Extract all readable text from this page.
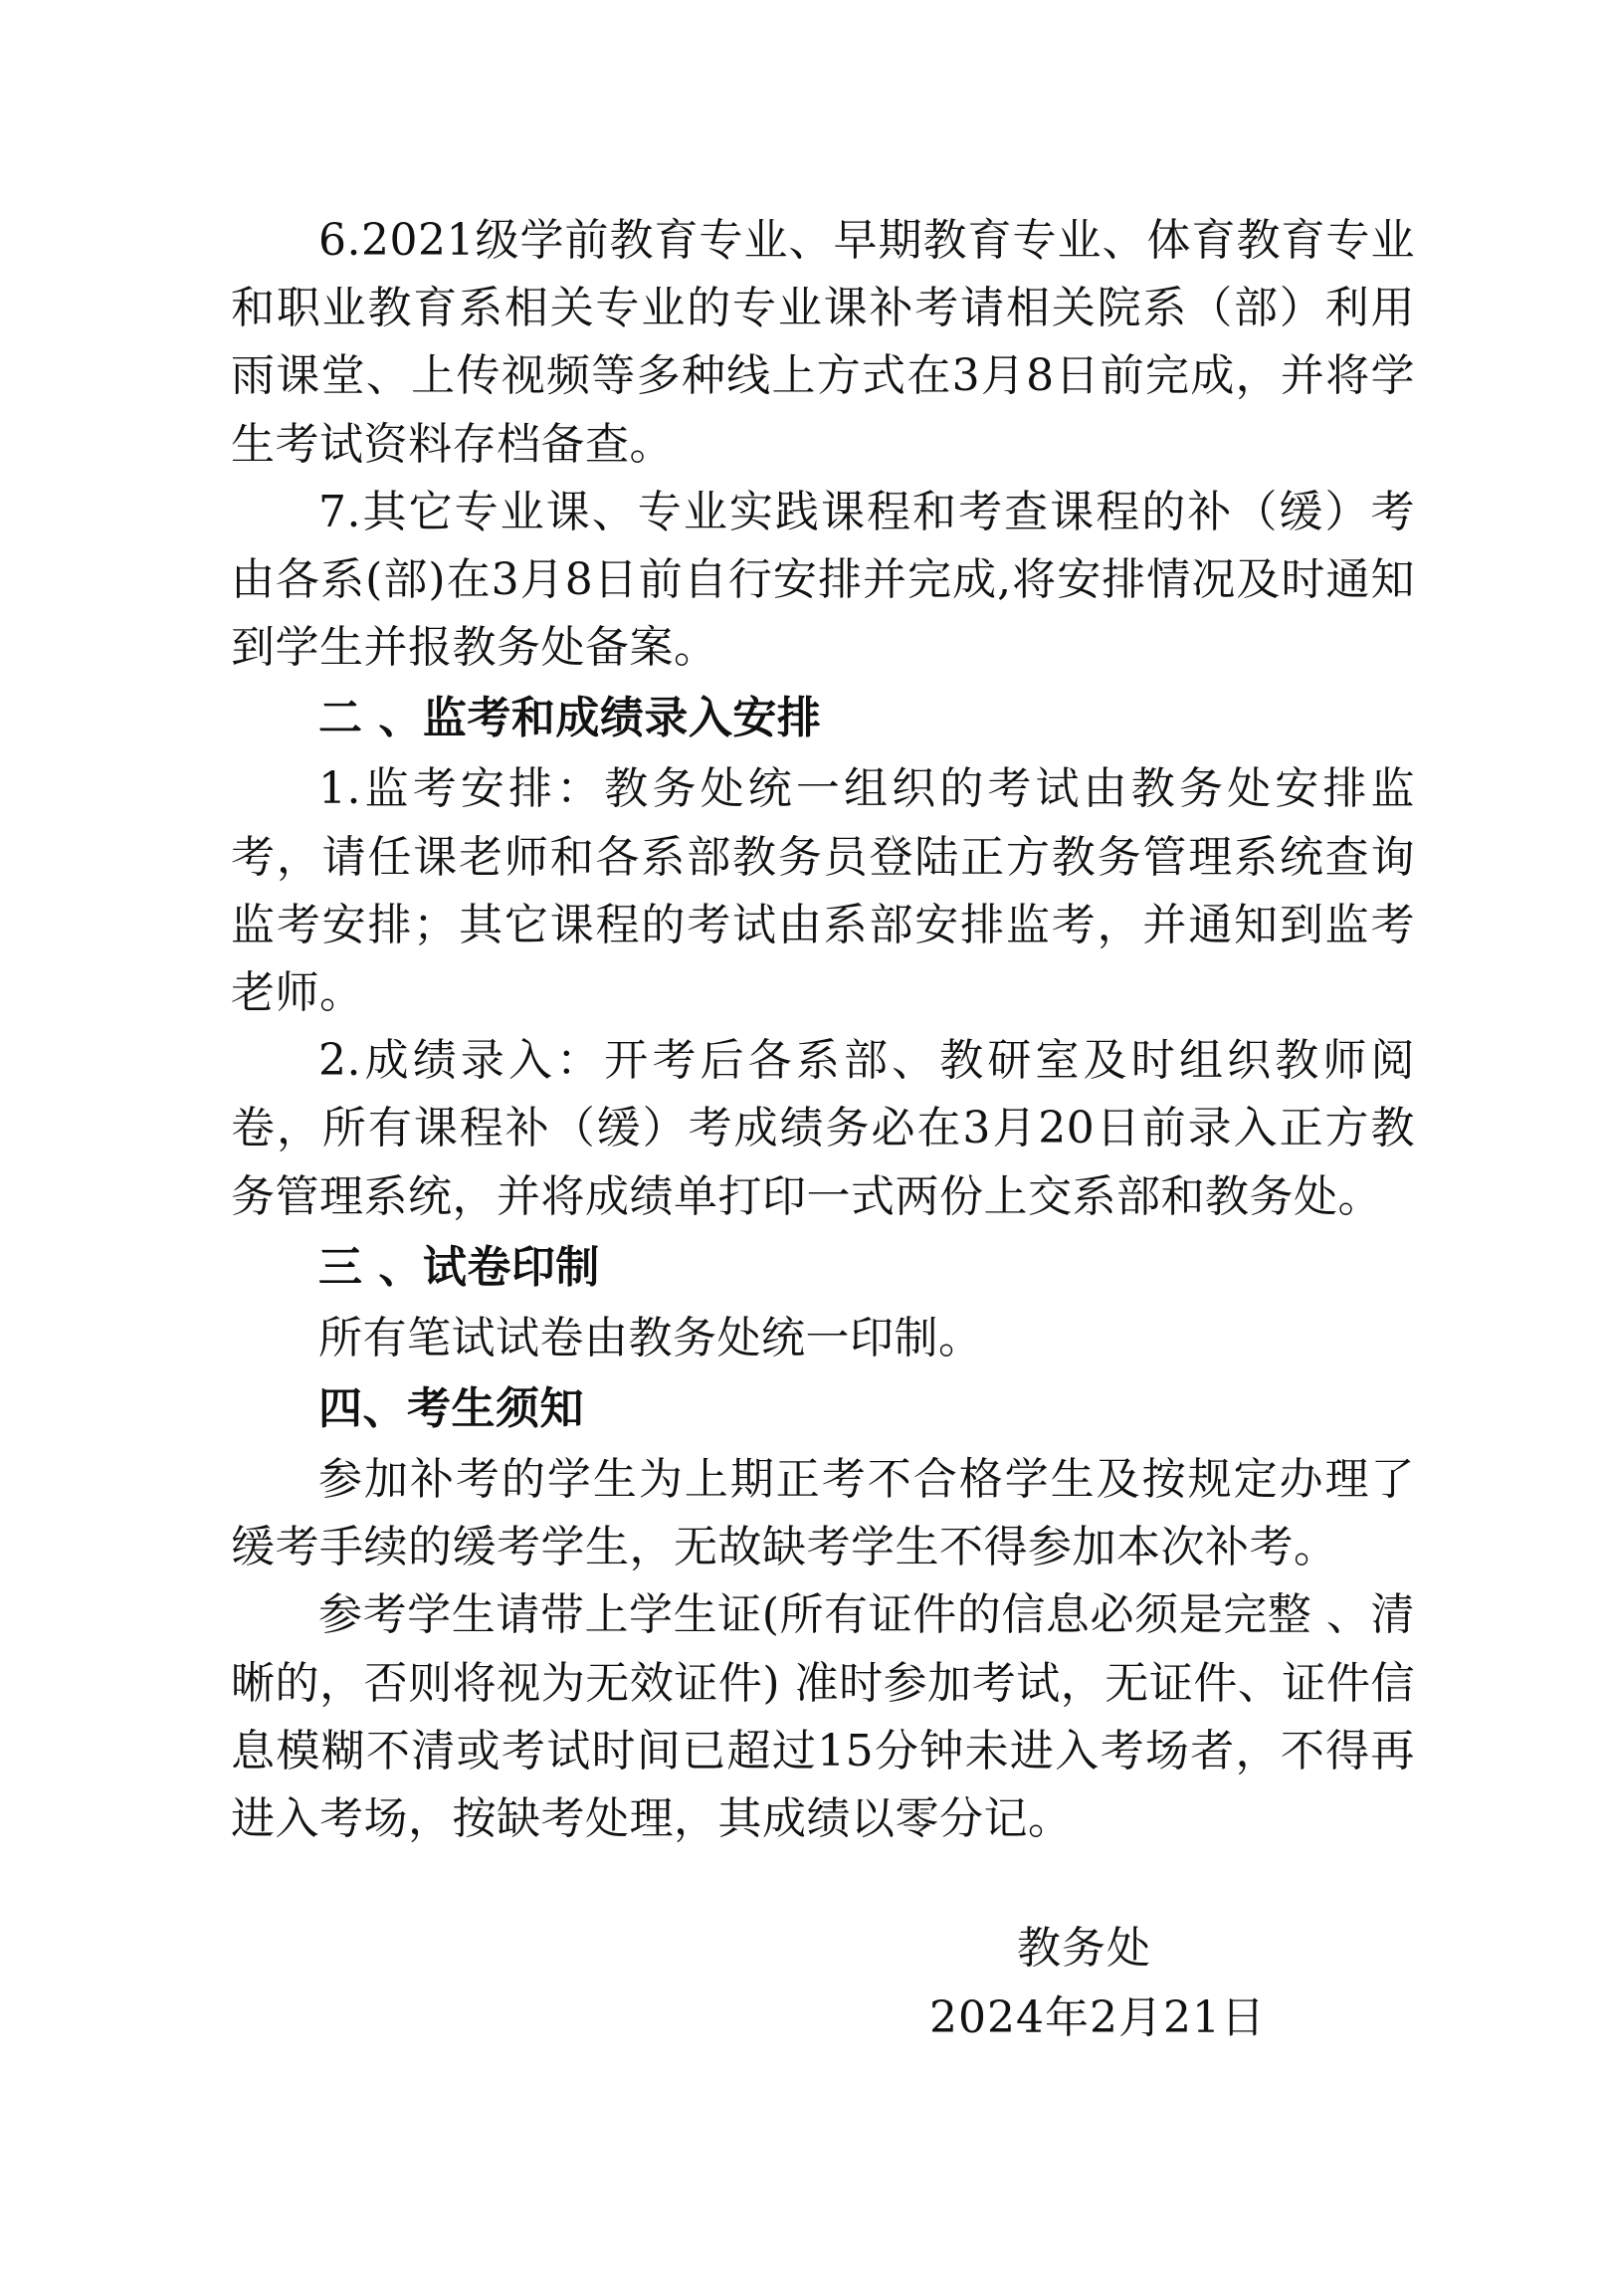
6.2021级学前教育专业、早期教育专业、体育教育专业和职业教育系相关专业的专业课补考请相关院系（部）利用雨课堂、上传视频等多种线上方式在3月8日前完成，并将学生考试资料存档备查。

7.其它专业课、专业实践课程和考查课程的补（缓）考由各系(部)在3月8日前自行安排并完成,将安排情况及时通知到学生并报教务处备案。

二 、监考和成绩录入安排

1.监考安排：教务处统一组织的考试由教务处安排监考，请任课老师和各系部教务员登陆正方教务管理系统查询监考安排；其它课程的考试由系部安排监考，并通知到监考老师。

2.成绩录入：开考后各系部、教研室及时组织教师阅卷，所有课程补（缓）考成绩务必在3月20日前录入正方教务管理系统，并将成绩单打印一式两份上交系部和教务处。

三 、试卷印制

所有笔试试卷由教务处统一印制。

四、考生须知

参加补考的学生为上期正考不合格学生及按规定办理了缓考手续的缓考学生，无故缺考学生不得参加本次补考。

参考学生请带上学生证(所有证件的信息必须是完整 、清晰的，否则将视为无效证件) 准时参加考试，无证件、证件信息模糊不清或考试时间已超过15分钟未进入考场者，不得再进入考场，按缺考处理，其成绩以零分记。

教务处
2024年2月21日
